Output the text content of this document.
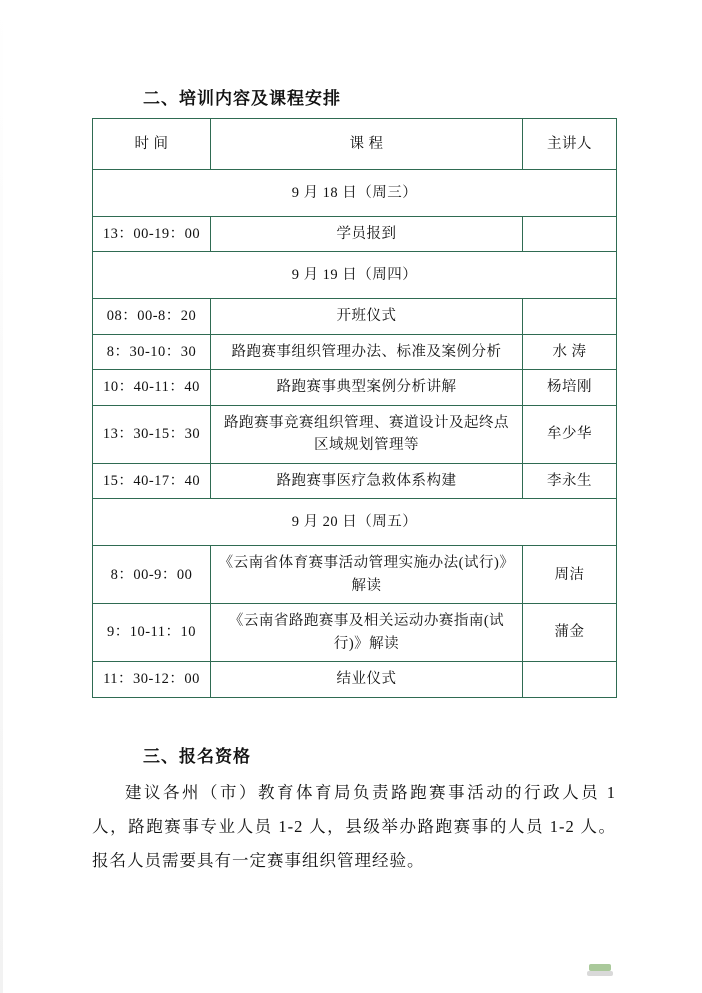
二、培训内容及课程安排
时 间	课 程	主讲人
9 月 18 日（周三）		
13：00-19：00	学员报到	
9 月 19 日（周四）		
08：00-8：20	开班仪式	
8：30-10：30	路跑赛事组织管理办法、标准及案例分析	水 涛
10：40-11：40	路跑赛事典型案例分析讲解	杨培刚
13：30-15：30	路跑赛事竞赛组织管理、赛道设计及起终点区域规划管理等	牟少华
15：40-17：40	路跑赛事医疗急救体系构建	李永生
9 月 20 日（周五）		
8：00-9：00	《云南省体育赛事活动管理实施办法(试行)》解读	周洁
9：10-11：10	《云南省路跑赛事及相关运动办赛指南(试行)》解读	蒲金
11：30-12：00	结业仪式	
三、报名资格
建议各州（市）教育体育局负责路跑赛事活动的行政人员 1 人，路跑赛事专业人员 1-2 人，县级举办路跑赛事的人员 1-2 人。报名人员需要具有一定赛事组织管理经验。
